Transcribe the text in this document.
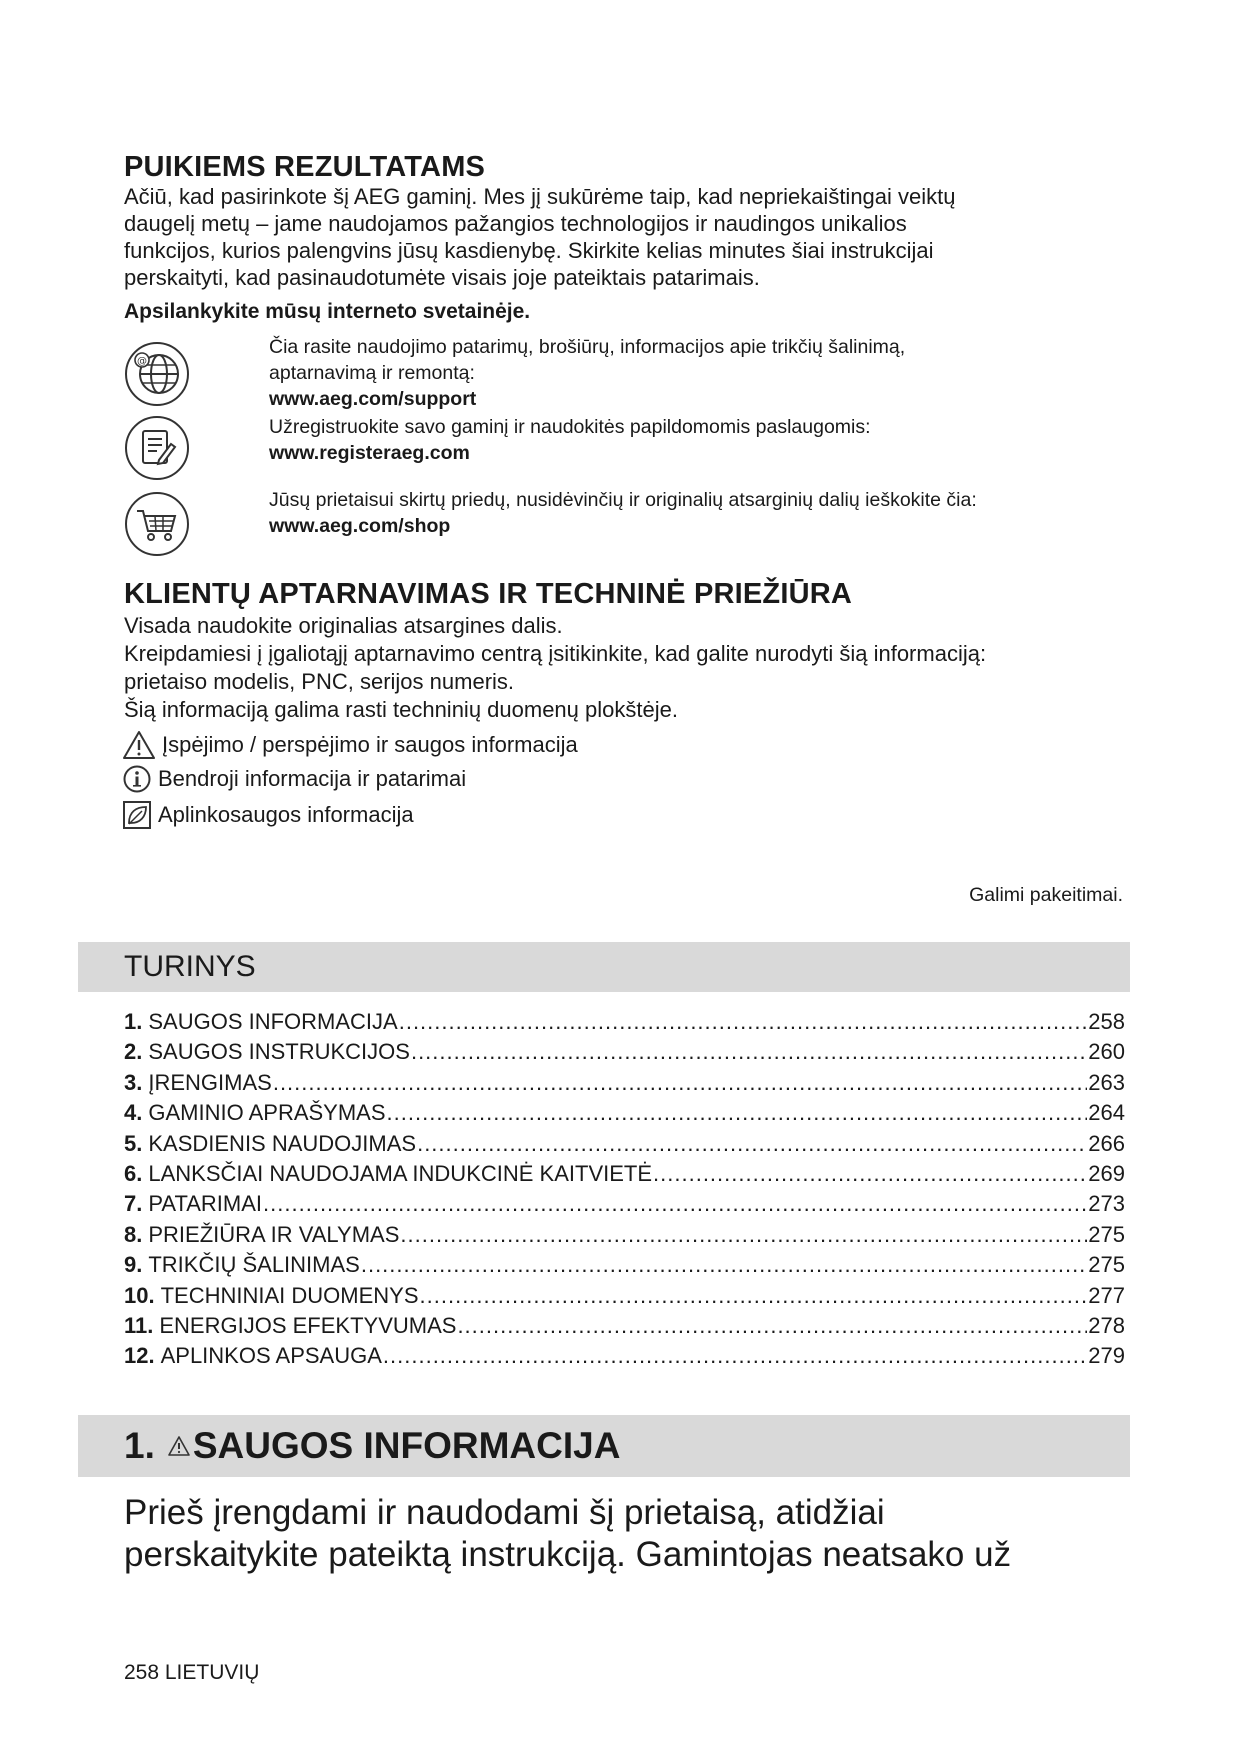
PUIKIEMS REZULTATAMS
Ačiū, kad pasirinkote šį AEG gaminį. Mes jį sukūrėme taip, kad nepriekaištingai veiktų
daugelį metų – jame naudojamos pažangios technologijos ir naudingos unikalios
funkcijos, kurios palengvins jūsų kasdienybę. Skirkite kelias minutes šiai instrukcijai
perskaityti, kad pasinaudotumėte visais joje pateiktais patarimais.
Apsilankykite mūsų interneto svetainėje.
@
Čia rasite naudojimo patarimų, brošiūrų, informacijos apie trikčių šalinimą,
aptarnavimą ir remontą:
www.aeg.com/support
Užregistruokite savo gaminį ir naudokitės papildomomis paslaugomis:
www.registeraeg.com
Jūsų prietaisui skirtų priedų, nusidėvinčių ir originalių atsarginių dalių ieškokite čia:
www.aeg.com/shop
KLIENTŲ APTARNAVIMAS IR TECHNINĖ PRIEŽIŪRA
Visada naudokite originalias atsargines dalis.
Kreipdamiesi į įgaliotąjį aptarnavimo centrą įsitikinkite, kad galite nurodyti šią informaciją:
prietaiso modelis, PNC, serijos numeris.
Šią informaciją galima rasti techninių duomenų plokštėje.
Įspėjimo / perspėjimo ir saugos informacija
Bendroji informacija ir patarimai
Aplinkosaugos informacija
Galimi pakeitimai.
TURINYS
1. SAUGOS INFORMACIJA .....	258
2. SAUGOS INSTRUKCIJOS .....	260
3. ĮRENGIMAS .....	263
4. GAMINIO APRAŠYMAS .....	264
5. KASDIENIS NAUDOJIMAS .....	266
6. LANKSČIAI NAUDOJAMA INDUKCINĖ KAITVIETĖ .....	269
7. PATARIMAI .....	273
8. PRIEŽIŪRA IR VALYMAS .....	275
9. TRIKČIŲ ŠALINIMAS .....	275
10. TECHNINIAI DUOMENYS .....	277
11. ENERGIJOS EFEKTYVUMAS .....	278
12. APLINKOS APSAUGA .....	279
1. SAUGOS INFORMACIJA
Prieš įrengdami ir naudodami šį prietaisą, atidžiai
perskaitykite pateiktą instrukciją. Gamintojas neatsako už
258 LIETUVIŲ
